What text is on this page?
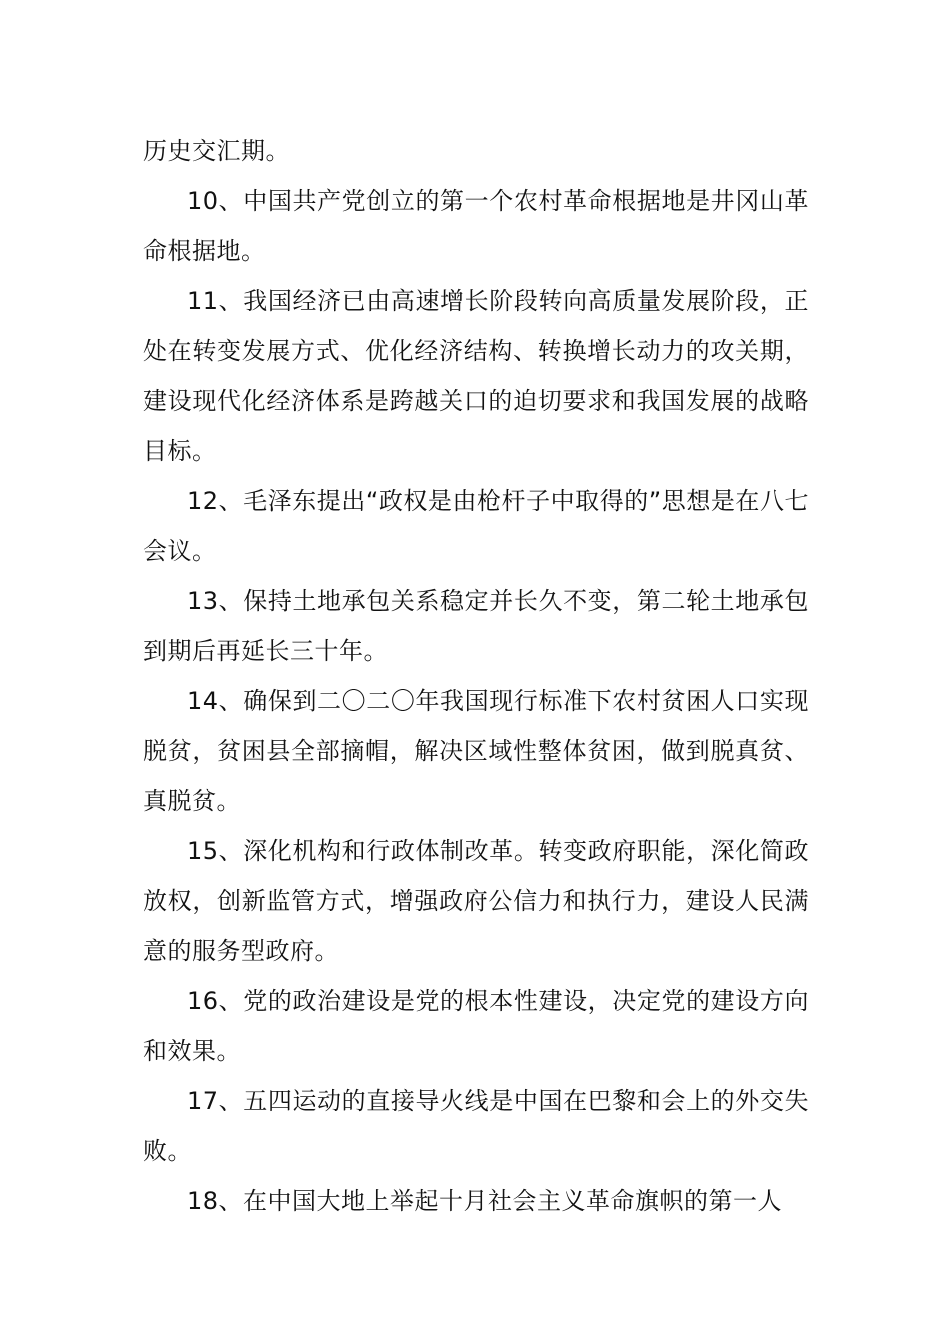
历史交汇期。

10、中国共产党创立的第一个农村革命根据地是井冈山革命根据地。

11、我国经济已由高速增长阶段转向高质量发展阶段，正处在转变发展方式、优化经济结构、转换增长动力的攻关期，建设现代化经济体系是跨越关口的迫切要求和我国发展的战略目标。

12、毛泽东提出“政权是由枪杆子中取得的”思想是在八七会议。

13、保持土地承包关系稳定并长久不变，第二轮土地承包到期后再延长三十年。

14、确保到二〇二〇年我国现行标准下农村贫困人口实现脱贫，贫困县全部摘帽，解决区域性整体贫困，做到脱真贫、真脱贫。

15、深化机构和行政体制改革。转变政府职能，深化简政放权，创新监管方式，增强政府公信力和执行力，建设人民满意的服务型政府。

16、党的政治建设是党的根本性建设，决定党的建设方向和效果。

17、五四运动的直接导火线是中国在巴黎和会上的外交失败。

18、在中国大地上举起十月社会主义革命旗帜的第一人
